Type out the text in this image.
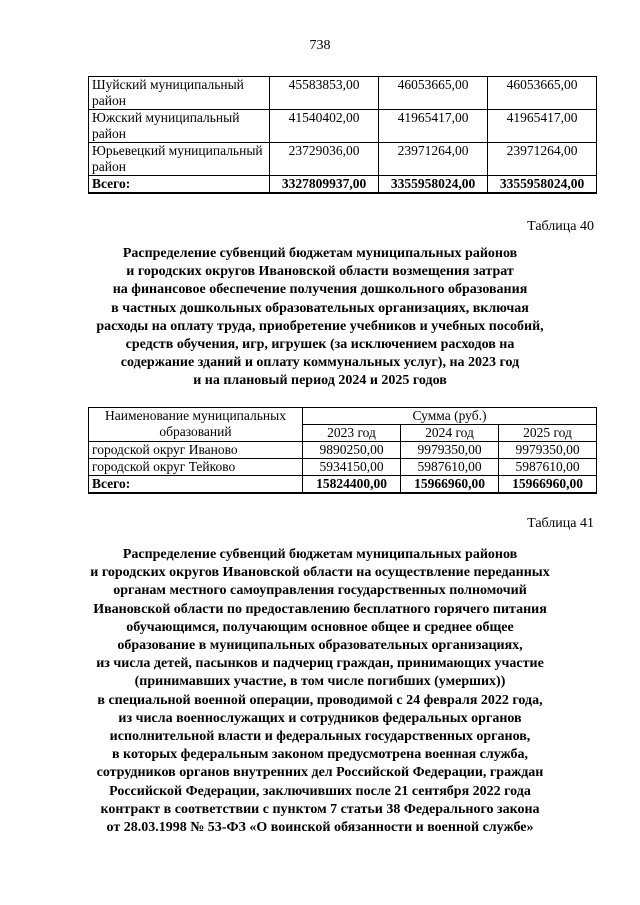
738
Шуйский муниципальный район	45583853,00	46053665,00	46053665,00
Южский муниципальный район	41540402,00	41965417,00	41965417,00
Юрьевецкий муниципальный район	23729036,00	23971264,00	23971264,00
Всего:	3327809937,00	3355958024,00	3355958024,00
Таблица 40
Распределение субвенций бюджетам муниципальных районов
и городских округов Ивановской области возмещения затрат
на финансовое обеспечение получения дошкольного образования
в частных дошкольных образовательных организациях, включая
расходы на оплату труда, приобретение учебников и учебных пособий,
средств обучения, игр, игрушек (за исключением расходов на
содержание зданий и оплату коммунальных услуг), на 2023 год
и на плановый период 2024 и 2025 годов
Наименование муниципальных образований	Сумма (руб.)		
	2023 год	2024 год	2025 год
городской округ Иваново	9890250,00	9979350,00	9979350,00
городской округ Тейково	5934150,00	5987610,00	5987610,00
Всего:	15824400,00	15966960,00	15966960,00
Таблица 41
Распределение субвенций бюджетам муниципальных районов
и городских округов Ивановской области на осуществление переданных
органам местного самоуправления государственных полномочий
Ивановской области по предоставлению бесплатного горячего питания
обучающимся, получающим основное общее и среднее общее
образование в муниципальных образовательных организациях,
из числа детей, пасынков и падчериц граждан, принимающих участие
(принимавших участие, в том числе погибших (умерших))
в специальной военной операции, проводимой с 24 февраля 2022 года,
из числа военнослужащих и сотрудников федеральных органов
исполнительной власти и федеральных государственных органов,
в которых федеральным законом предусмотрена военная служба,
сотрудников органов внутренних дел Российской Федерации, граждан
Российской Федерации, заключивших после 21 сентября 2022 года
контракт в соответствии с пунктом 7 статьи 38 Федерального закона
от 28.03.1998 № 53-ФЗ «О воинской обязанности и военной службе»
